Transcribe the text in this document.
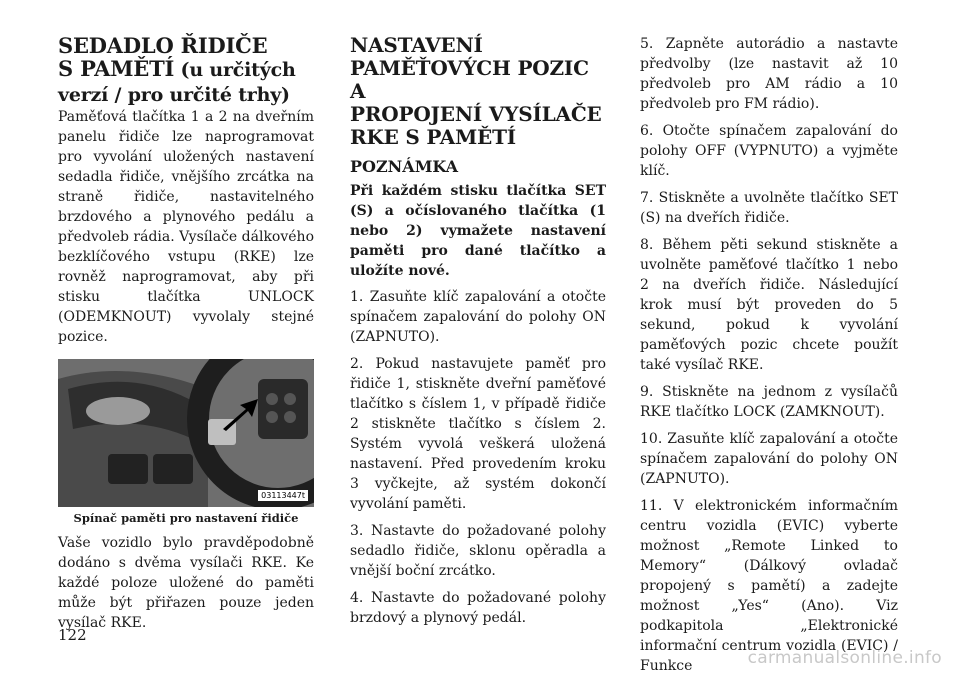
SEDADLO ŘIDIČE
S PAMĚTÍ (u určitých
verzí / pro určité trhy)

Paměťová tlačítka 1 a 2 na dveřním panelu řidiče lze naprogramovat pro vyvolání uložených nastavení sedadla řidiče, vnějšího zrcátka na straně řidiče, nastavitelného brzdového a plynového pedálu a předvoleb rádia. Vysílače dálkového bezklíčového vstupu (RKE) lze rovněž naprogramovat, aby při stisku tlačítka UNLOCK (ODEMKNOUT) vyvolaly stejné pozice.

03113447t
Spínač paměti pro nastavení řidiče

Vaše vozidlo bylo pravděpodobně dodáno s dvěma vysílači RKE. Ke každé poloze uložené do paměti může být přiřazen pouze jeden vysílač RKE.

NASTAVENÍ
PAMĚŤOVÝCH POZIC A
PROPOJENÍ VYSÍLAČE
RKE S PAMĚTÍ
POZNÁMKA

Při každém stisku tlačítka SET (S) a očíslovaného tlačítka (1 nebo 2) vymažete nastavení paměti pro dané tlačítko a uložíte nové.

1. Zasuňte klíč zapalování a otočte spínačem zapalování do polohy ON (ZAPNUTO).

2. Pokud nastavujete paměť pro řidiče 1, stiskněte dveřní paměťové tlačítko s číslem 1, v případě řidiče 2 stiskněte tlačítko s číslem 2. Systém vyvolá veškerá uložená nastavení. Před provedením kroku 3 vyčkejte, až systém dokončí vyvolání paměti.

3. Nastavte do požadované polohy sedadlo řidiče, sklonu opěradla a vnější boční zrcátko.

4. Nastavte do požadované polohy brzdový a plynový pedál.

5. Zapněte autorádio a nastavte předvolby (lze nastavit až 10 předvoleb pro AM rádio a 10 předvoleb pro FM rádio).

6. Otočte spínačem zapalování do polohy OFF (VYPNUTO) a vyjměte klíč.

7. Stiskněte a uvolněte tlačítko SET (S) na dveřích řidiče.

8. Během pěti sekund stiskněte a uvolněte paměťové tlačítko 1 nebo 2 na dveřích řidiče. Následující krok musí být proveden do 5 sekund, pokud k vyvolání paměťových pozic chcete použít také vysílač RKE.

9. Stiskněte na jednom z vysílačů RKE tlačítko LOCK (ZAMKNOUT).

10. Zasuňte klíč zapalování a otočte spínačem zapalování do polohy ON (ZAPNUTO).

11. V elektronickém informačním centru vozidla (EVIC) vyberte možnost „Remote Linked to Memory“ (Dálkový ovladač propojený s pamětí) a zadejte možnost „Yes“ (Ano). Viz podkapitola „Elektronické informační centrum vozidla (EVIC) / Funkce

122
carmanualsonline.info
